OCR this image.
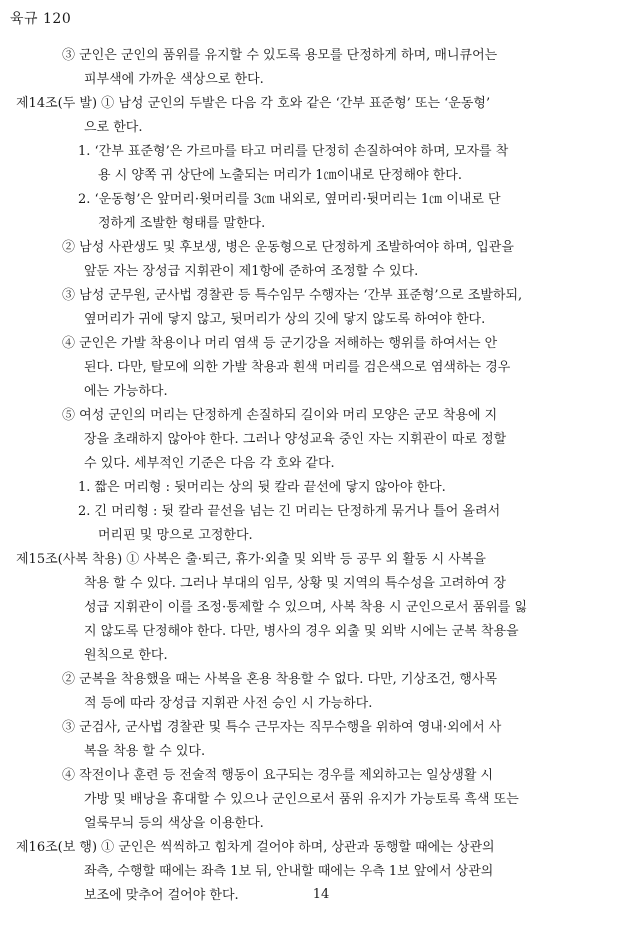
육규 120
③ 군인은 군인의 품위를 유지할 수 있도록 용모를 단정하게 하며, 매니큐어는
피부색에 가까운 색상으로 한다.
제14조(두 발) ① 남성 군인의 두발은 다음 각 호와 같은 ‘간부 표준형’ 또는 ‘운동형’
으로 한다.
1. ‘간부 표준형’은 가르마를 타고 머리를 단정히 손질하여야 하며, 모자를 착
용 시 양쪽 귀 상단에 노출되는 머리가 1㎝이내로 단정해야 한다.
2. ‘운동형’은 앞머리·윗머리를 3㎝ 내외로, 옆머리·뒷머리는 1㎝ 이내로 단
정하게 조발한 형태를 말한다.
② 남성 사관생도 및 후보생, 병은 운동형으로 단정하게 조발하여야 하며, 입관을
앞둔 자는 장성급 지휘관이 제1항에 준하여 조정할 수 있다.
③ 남성 군무원, 군사법 경찰관 등 특수임무 수행자는 ‘간부 표준형’으로 조발하되,
옆머리가 귀에 닿지 않고, 뒷머리가 상의 깃에 닿지 않도록 하여야 한다.
④ 군인은 가발 착용이나 머리 염색 등 군기강을 저해하는 행위를 하여서는 안
된다. 다만, 탈모에 의한 가발 착용과 흰색 머리를 검은색으로 염색하는 경우
에는 가능하다.
⑤ 여성 군인의 머리는 단정하게 손질하되 길이와 머리 모양은 군모 착용에 지
장을 초래하지 않아야 한다. 그러나 양성교육 중인 자는 지휘관이 따로 정할
수 있다. 세부적인 기준은 다음 각 호와 같다.
1. 짧은 머리형 : 뒷머리는 상의 뒷 칼라 끝선에 닿지 않아야 한다.
2. 긴 머리형 : 뒷 칼라 끝선을 넘는 긴 머리는 단정하게 묶거나 틀어 올려서
머리핀 및 망으로 고정한다.
제15조(사복 착용) ① 사복은 출·퇴근, 휴가·외출 및 외박 등 공무 외 활동 시 사복을
착용 할 수 있다. 그러나 부대의 임무, 상황 및 지역의 특수성을 고려하여 장
성급 지휘관이 이를 조정·통제할 수 있으며, 사복 착용 시 군인으로서 품위를 잃
지 않도록 단정해야 한다. 다만, 병사의 경우 외출 및 외박 시에는 군복 착용을
원칙으로 한다.
② 군복을 착용했을 때는 사복을 혼용 착용할 수 없다. 다만, 기상조건, 행사목
적 등에 따라 장성급 지휘관 사전 승인 시 가능하다.
③ 군검사, 군사법 경찰관 및 특수 근무자는 직무수행을 위하여 영내·외에서 사
복을 착용 할 수 있다.
④ 작전이나 훈련 등 전술적 행동이 요구되는 경우를 제외하고는 일상생활 시
가방 및 배낭을 휴대할 수 있으나 군인으로서 품위 유지가 가능토록 흑색 또는
얼룩무늬 등의 색상을 이용한다.
제16조(보 행) ① 군인은 씩씩하고 힘차게 걸어야 하며, 상관과 동행할 때에는 상관의
좌측, 수행할 때에는 좌측 1보 뒤, 안내할 때에는 우측 1보 앞에서 상관의
보조에 맞추어 걸어야 한다.	14
